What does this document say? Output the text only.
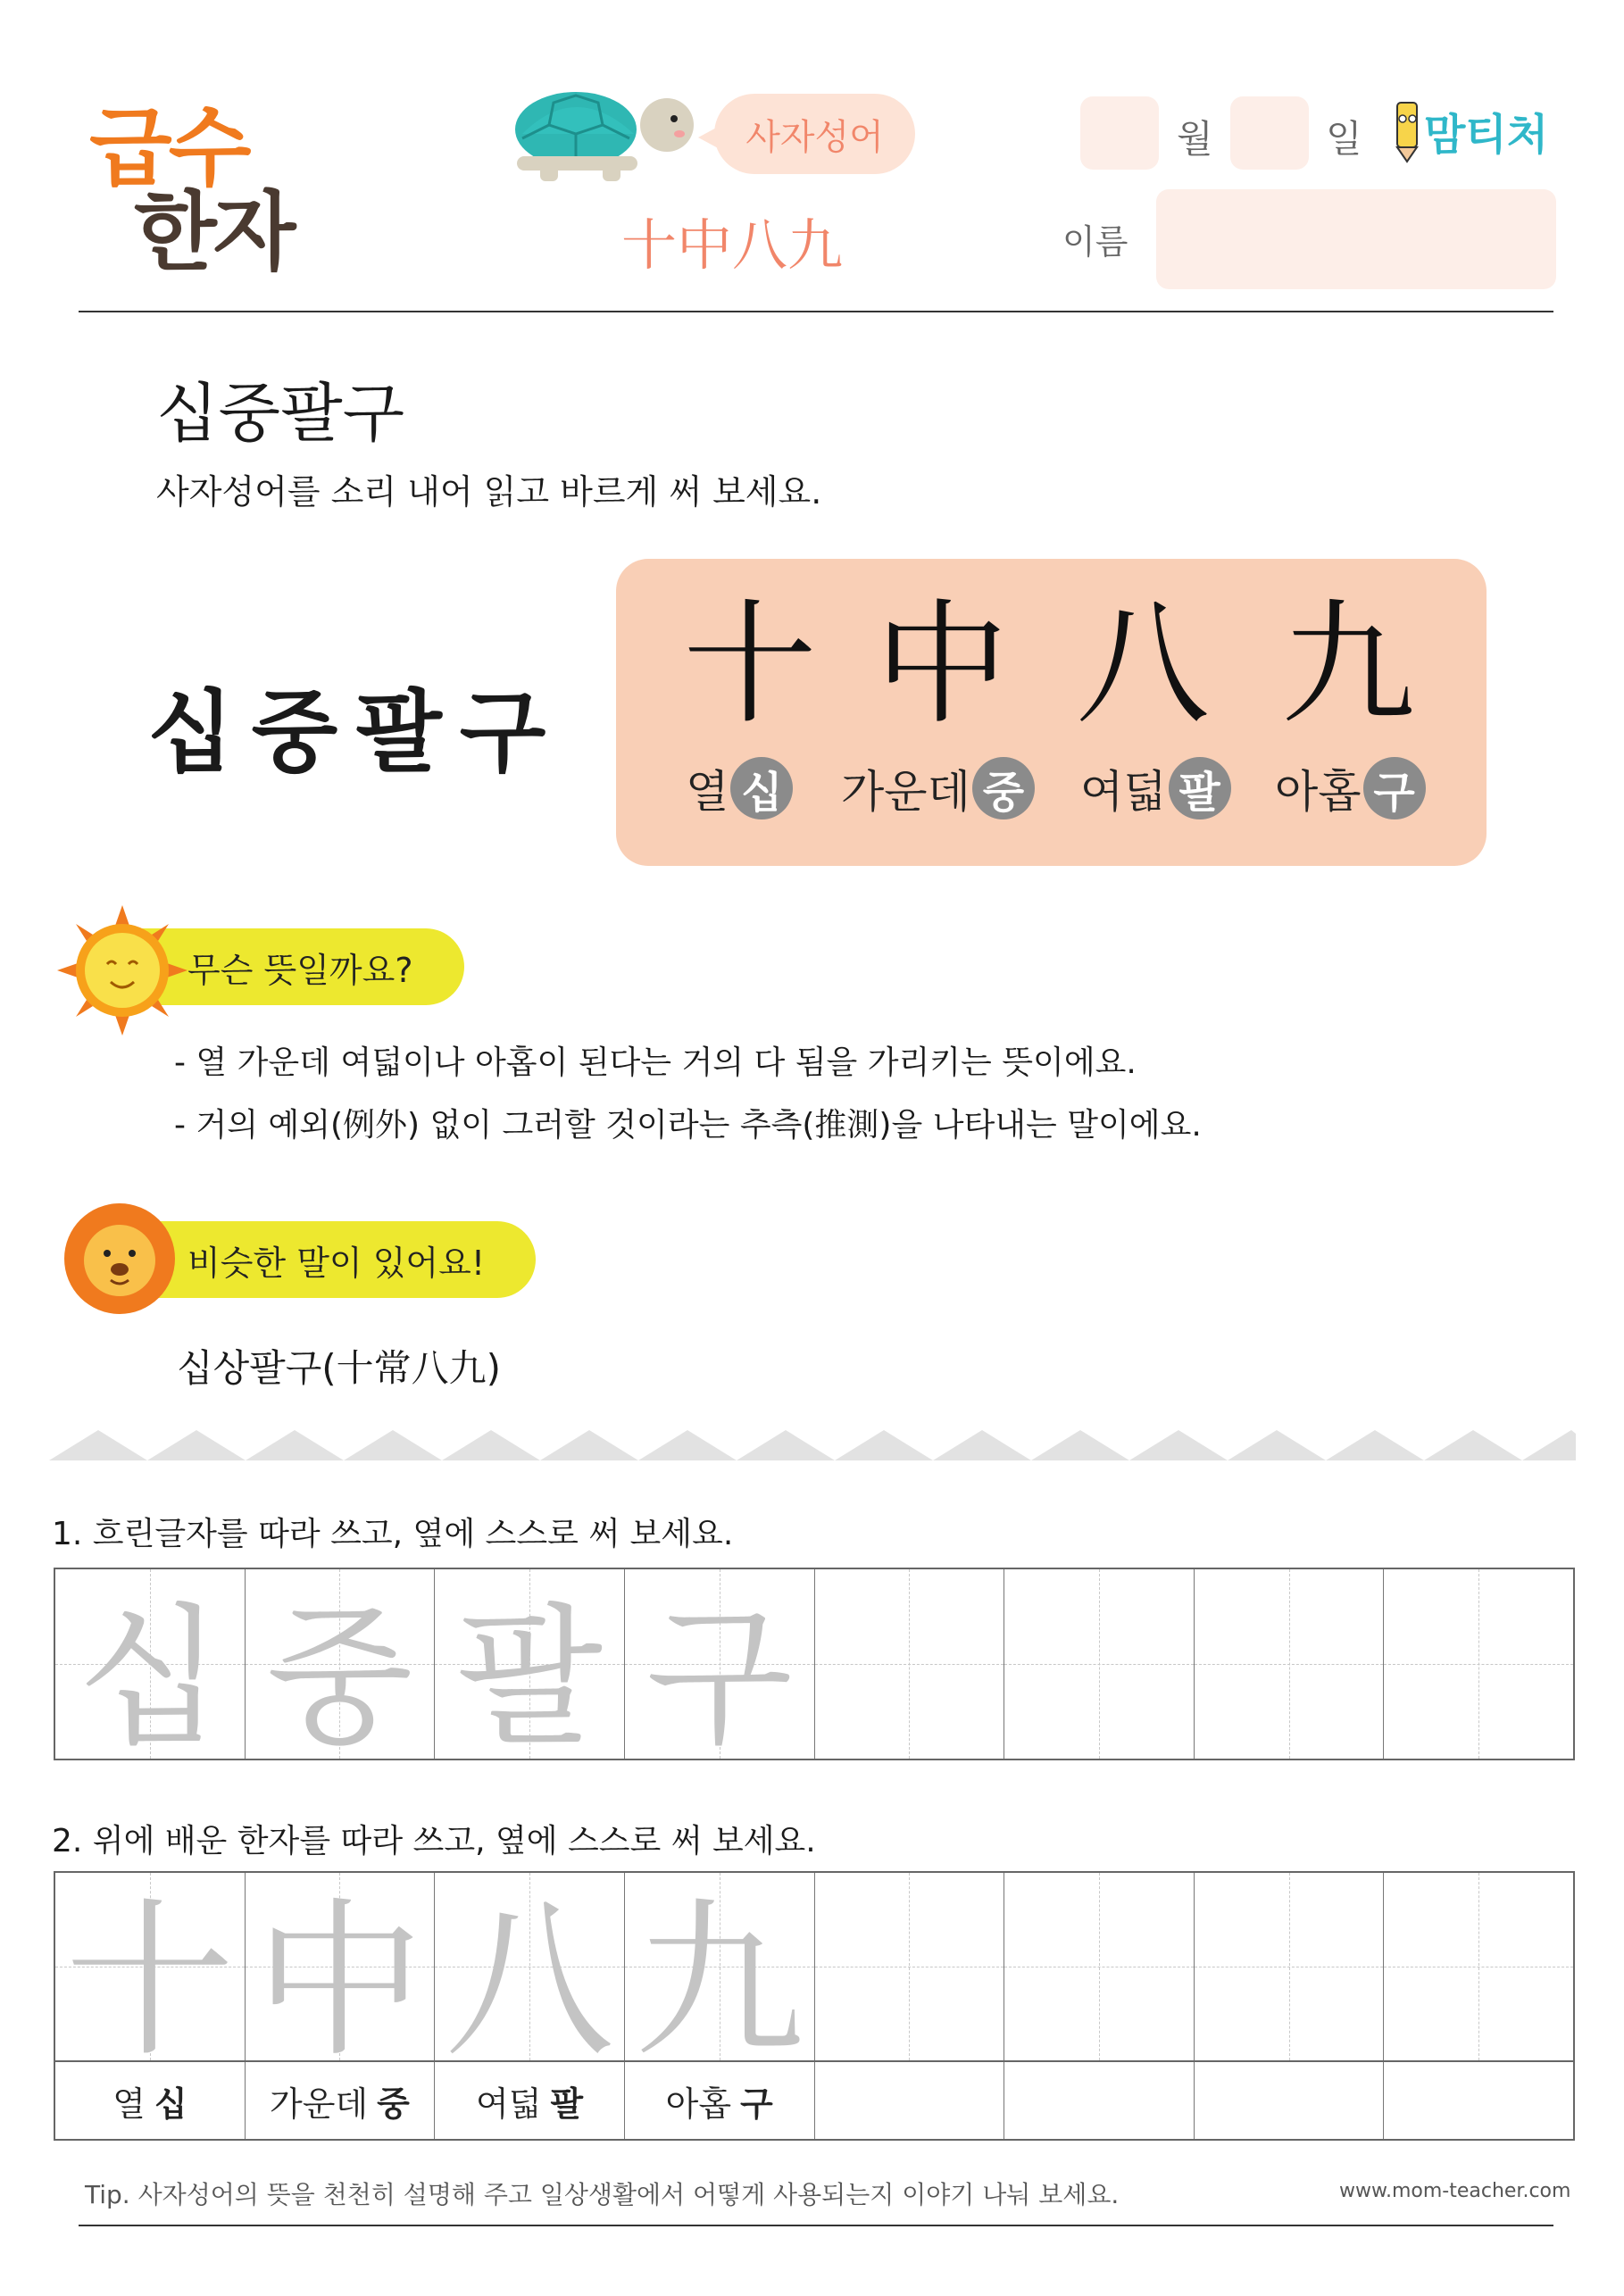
급수
한자
사자성어
十中八九
월	일 맘티처
이름
십중팔구
사자성어를 소리 내어 읽고 바르게 써 보세요.
십중팔구 十 中 八 九
열 십 가운데 중 여덟 팔 아홉 구
무슨 뜻일까요?
- 열 가운데 여덟이나 아홉이 된다는 거의 다 됨을 가리키는 뜻이에요.
- 거의 예외(例外) 없이 그러할 것이라는 추측(推測)을 나타내는 말이에요.
비슷한 말이 있어요!
십상팔구(十常八九)
1. 흐린글자를 따라 쓰고, 옆에 스스로 써 보세요.
십 중 팔 구
2. 위에 배운 한자를 따라 쓰고, 옆에 스스로 써 보세요.
十 中 八 九
열 십 가운데 중 여덟 팔 아홉 구
Tip. 사자성어의 뜻을 천천히 설명해 주고 일상생활에서 어떻게 사용되는지 이야기 나눠 보세요.	www.mom-teacher.com
